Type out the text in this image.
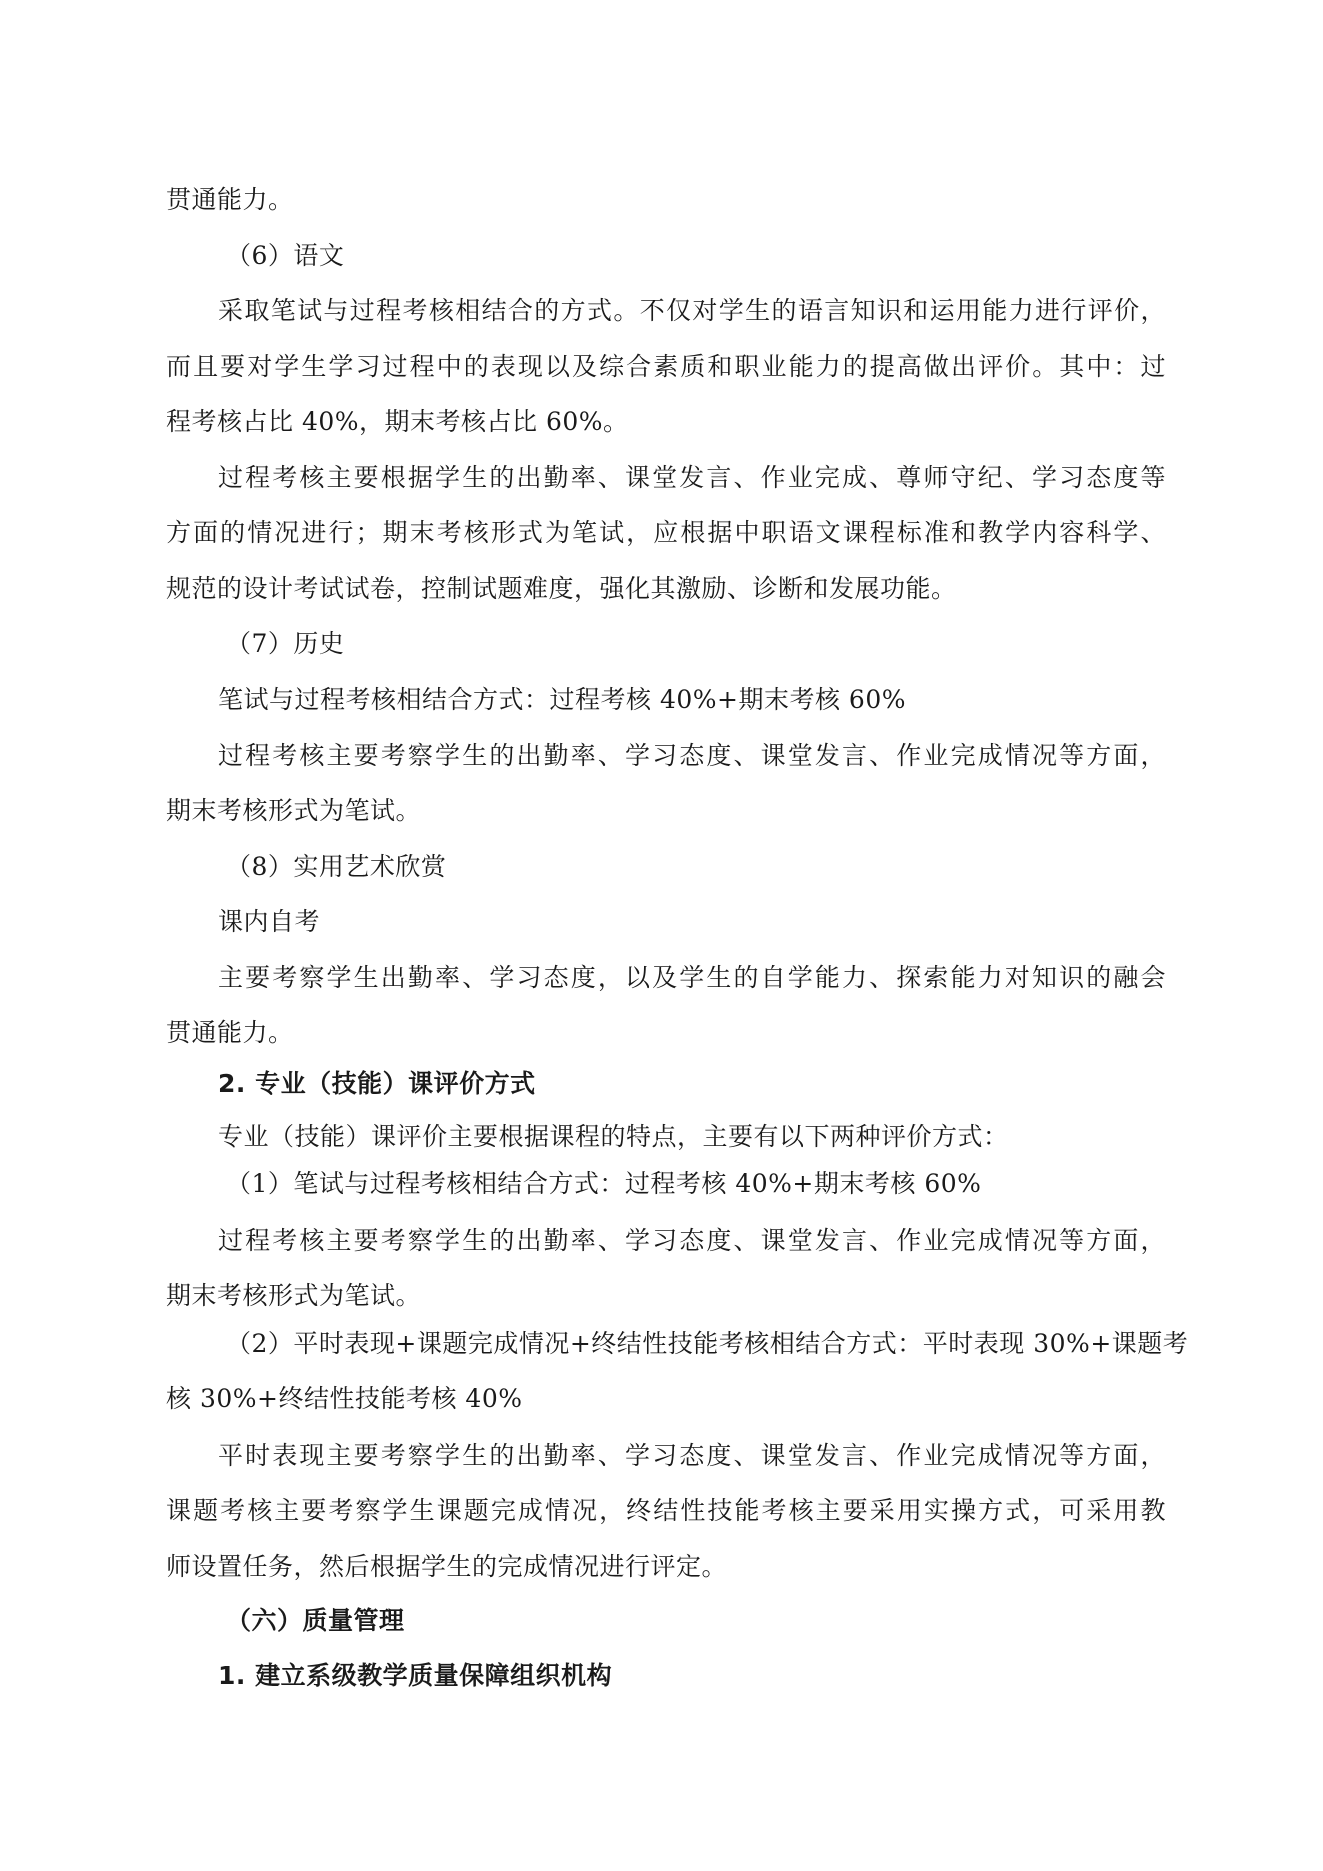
贯通能力。
（6）语文
采取笔试与过程考核相结合的方式。不仅对学生的语言知识和运用能力进行评价，
而且要对学生学习过程中的表现以及综合素质和职业能力的提高做出评价。其中：过
程考核占比 40%，期末考核占比 60%。
过程考核主要根据学生的出勤率、课堂发言、作业完成、尊师守纪、学习态度等
方面的情况进行；期末考核形式为笔试，应根据中职语文课程标准和教学内容科学、
规范的设计考试试卷，控制试题难度，强化其激励、诊断和发展功能。
（7）历史
笔试与过程考核相结合方式：过程考核 40%+期末考核 60%
过程考核主要考察学生的出勤率、学习态度、课堂发言、作业完成情况等方面，
期末考核形式为笔试。
（8）实用艺术欣赏
课内自考
主要考察学生出勤率、学习态度，以及学生的自学能力、探索能力对知识的融会
贯通能力。
2. 专业（技能）课评价方式
专业（技能）课评价主要根据课程的特点，主要有以下两种评价方式：
（1）笔试与过程考核相结合方式：过程考核 40%+期末考核 60%
过程考核主要考察学生的出勤率、学习态度、课堂发言、作业完成情况等方面，
期末考核形式为笔试。
（2）平时表现+课题完成情况+终结性技能考核相结合方式：平时表现 30%+课题考
核 30%+终结性技能考核 40%
平时表现主要考察学生的出勤率、学习态度、课堂发言、作业完成情况等方面，
课题考核主要考察学生课题完成情况，终结性技能考核主要采用实操方式，可采用教
师设置任务，然后根据学生的完成情况进行评定。
（六）质量管理
1. 建立系级教学质量保障组织机构
